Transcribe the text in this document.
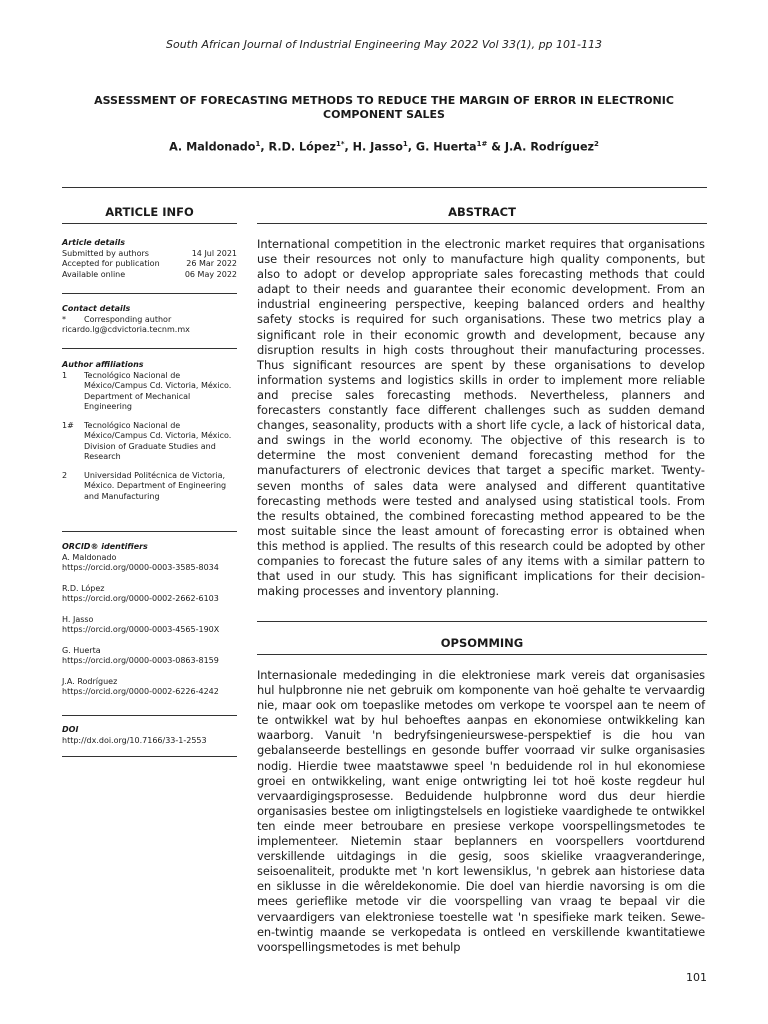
South African Journal of Industrial Engineering May 2022 Vol 33(1), pp 101-113
ASSESSMENT OF FORECASTING METHODS TO REDUCE THE MARGIN OF ERROR IN ELECTRONIC COMPONENT SALES
A. Maldonado$^1$, R.D. López$^{1*}$, H. Jasso$^1$, G. Huerta$^{1\#}$ & J.A. Rodríguez$^2$
ARTICLE INFO	ABSTRACT
Article details
Submitted by authors	14 Jul 2021
Accepted for publication	26 Mar 2022
Available online	06 May 2022
Contact details
*	Corresponding author
ricardo.lg@cdvictoria.tecnm.mx
Author affiliations
1	Tecnológico Nacional de México/Campus Cd. Victoria, México. Department of Mechanical Engineering
1#	Tecnológico Nacional de México/Campus Cd. Victoria, México. Division of Graduate Studies and Research
2	Universidad Politécnica de Victoria, México. Department of Engineering and Manufacturing
ORCID® identifiers
A. Maldonado
https://orcid.org/0000-0003-3585-8034
R.D. López
https://orcid.org/0000-0002-2662-6103
H. Jasso
https://orcid.org/0000-0003-4565-190X
G. Huerta
https://orcid.org/0000-0003-0863-8159
J.A. Rodríguez
https://orcid.org/0000-0002-6226-4242
DOI
http://dx.doi.org/10.7166/33-1-2553
International competition in the electronic market requires that organisations use their resources not only to manufacture high quality components, but also to adopt or develop appropriate sales forecasting methods that could adapt to their needs and guarantee their economic development. From an industrial engineering perspective, keeping balanced orders and healthy safety stocks is required for such organisations. These two metrics play a significant role in their economic growth and development, because any disruption results in high costs throughout their manufacturing processes. Thus significant resources are spent by these organisations to develop information systems and logistics skills in order to implement more reliable and precise sales forecasting methods. Nevertheless, planners and forecasters constantly face different challenges such as sudden demand changes, seasonality, products with a short life cycle, a lack of historical data, and swings in the world economy. The objective of this research is to determine the most convenient demand forecasting method for the manufacturers of electronic devices that target a specific market. Twenty-seven months of sales data were analysed and different quantitative forecasting methods were tested and analysed using statistical tools. From the results obtained, the combined forecasting method appeared to be the most suitable since the least amount of forecasting error is obtained when this method is applied. The results of this research could be adopted by other companies to forecast the future sales of any items with a similar pattern to that used in our study. This has significant implications for their decision-making processes and inventory planning.
OPSOMMING
Internasionale mededinging in die elektroniese mark vereis dat organisasies hul hulpbronne nie net gebruik om komponente van hoë gehalte te vervaardig nie, maar ook om toepaslike metodes om verkope te voorspel aan te neem of te ontwikkel wat by hul behoeftes aanpas en ekonomiese ontwikkeling kan waarborg. Vanuit 'n bedryfsingenieurswese-perspektief is die hou van gebalanseerde bestellings en gesonde buffer voorraad vir sulke organisasies nodig. Hierdie twee maatstawwe speel 'n beduidende rol in hul ekonomiese groei en ontwikkeling, want enige ontwrigting lei tot hoë koste regdeur hul vervaardigingsprosesse. Beduidende hulpbronne word dus deur hierdie organisasies bestee om inligtingstelsels en logistieke vaardighede te ontwikkel ten einde meer betroubare en presiese verkope voorspellingsmetodes te implementeer. Nietemin staar beplanners en voorspellers voortdurend verskillende uitdagings in die gesig, soos skielike vraagveranderinge, seisoenaliteit, produkte met 'n kort lewensiklus, 'n gebrek aan historiese data en siklusse in die wêreldekonomie. Die doel van hierdie navorsing is om die mees gerieflike metode vir die voorspelling van vraag te bepaal vir die vervaardigers van elektroniese toestelle wat 'n spesifieke mark teiken. Sewe-en-twintig maande se verkopedata is ontleed en verskillende kwantitatiewe voorspellingsmetodes is met behulp
101
